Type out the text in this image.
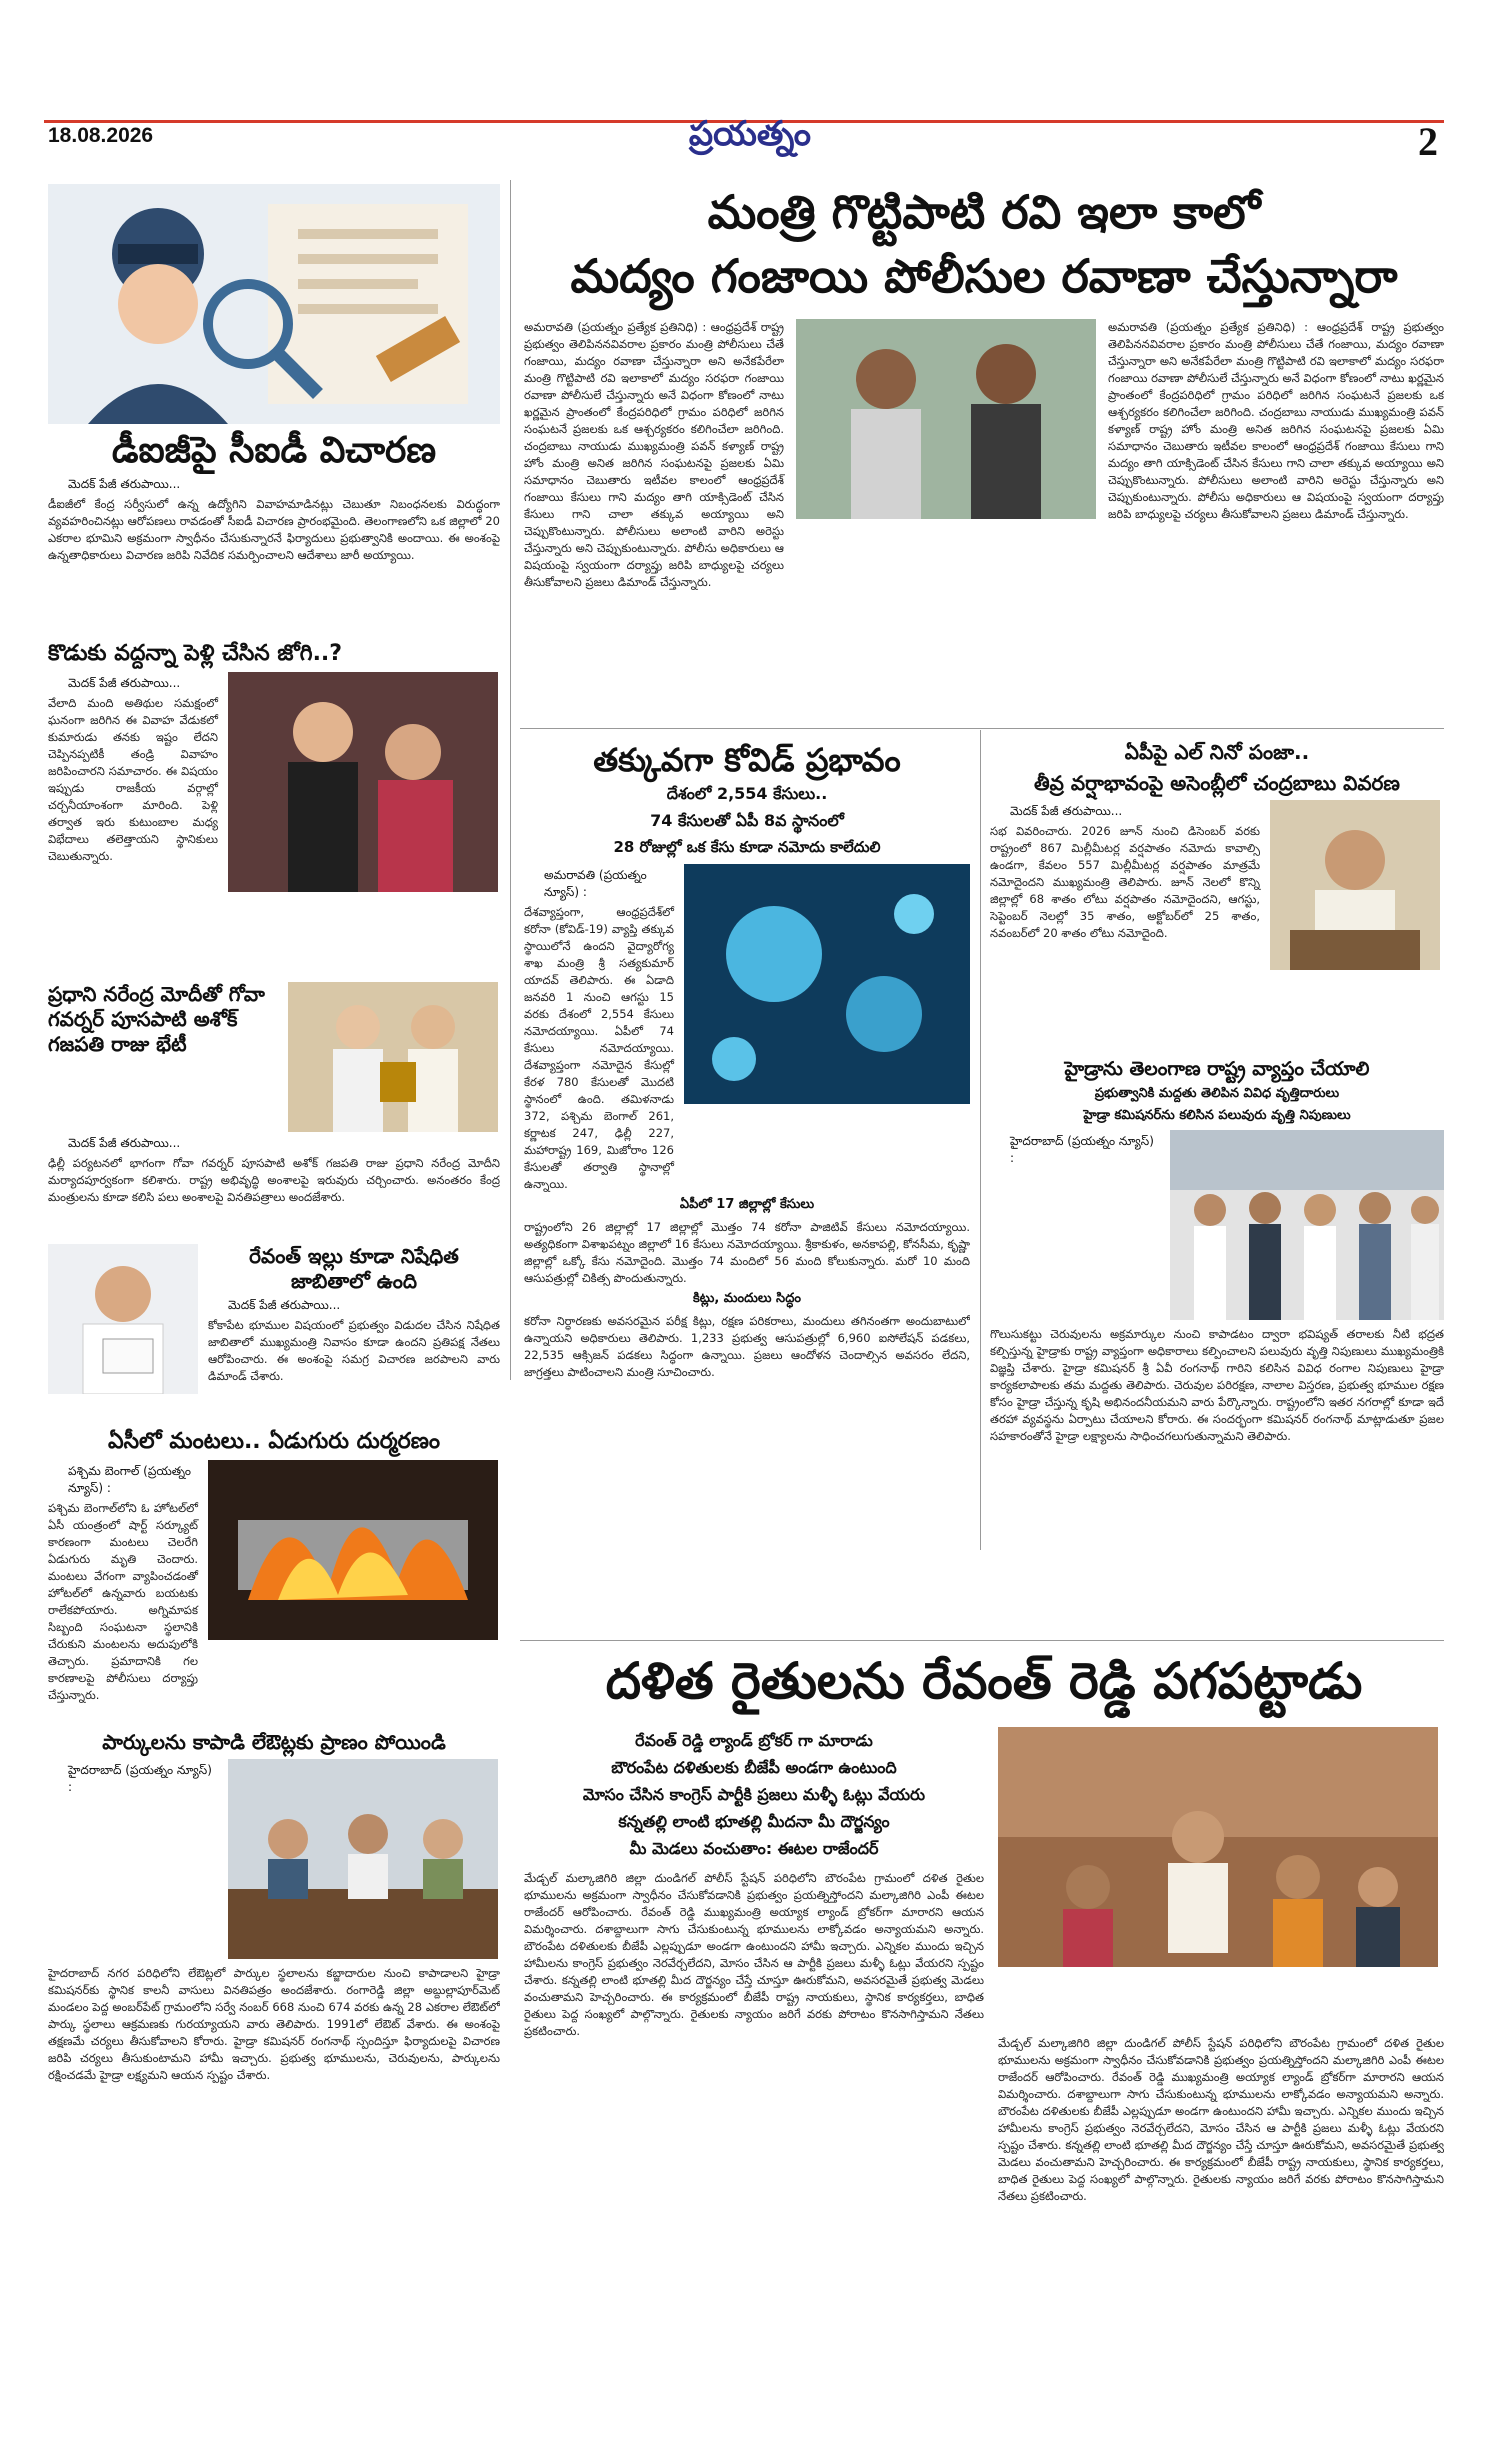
18.08.2026	ప్రయత్నం	2
డీఐజీపై సీఐడీ విచారణ
మెదక్ పేజీ తరుపాయి...
డీఐజీలో కేంద్ర సర్వీసులో ఉన్న ఉద్యోగిని వివాహమాడినట్లు చెబుతూ నిబంధనలకు విరుద్ధంగా వ్యవహరించినట్లు ఆరోపణలు రావడంతో సీఐడీ విచారణ ప్రారంభమైంది. తెలంగాణలోని ఒక జిల్లాలో 20 ఎకరాల భూమిని అక్రమంగా స్వాధీనం చేసుకున్నారనే ఫిర్యాదులు ప్రభుత్వానికి అందాయి. ఈ అంశంపై ఉన్నతాధికారులు విచారణ జరిపి నివేదిక సమర్పించాలని ఆదేశాలు జారీ అయ్యాయి.
కొడుకు వద్దన్నా పెళ్లి చేసిన జోగి..?
మెదక్ పేజీ తరుపాయి...
వేలాది మంది అతిథుల సమక్షంలో ఘనంగా జరిగిన ఈ వివాహ వేడుకలో కుమారుడు తనకు ఇష్టం లేదని చెప్పినప్పటికీ తండ్రి వివాహం జరిపించారని సమాచారం. ఈ విషయం ఇప్పుడు రాజకీయ వర్గాల్లో చర్చనీయాంశంగా మారింది. పెళ్లి తర్వాత ఇరు కుటుంబాల మధ్య విభేదాలు తలెత్తాయని స్థానికులు చెబుతున్నారు.
ప్రధాని నరేంద్ర మోదీతో గోవా గవర్నర్ పూసపాటి అశోక్ గజపతి రాజు భేటీ
మెదక్ పేజీ తరుపాయి...
ఢిల్లీ పర్యటనలో భాగంగా గోవా గవర్నర్ పూసపాటి అశోక్ గజపతి రాజు ప్రధాని నరేంద్ర మోదీని మర్యాదపూర్వకంగా కలిశారు. రాష్ట్ర అభివృద్ధి అంశాలపై ఇరువురు చర్చించారు. అనంతరం కేంద్ర మంత్రులను కూడా కలిసి పలు అంశాలపై వినతిపత్రాలు అందజేశారు.
రేవంత్ ఇల్లు కూడా నిషేధిత జాబితాలో ఉంది
మెదక్ పేజీ తరుపాయి...
కోకాపేట భూముల విషయంలో ప్రభుత్వం విడుదల చేసిన నిషేధిత జాబితాలో ముఖ్యమంత్రి నివాసం కూడా ఉందని ప్రతిపక్ష నేతలు ఆరోపించారు. ఈ అంశంపై సమగ్ర విచారణ జరపాలని వారు డిమాండ్ చేశారు.
ఏసీలో మంటలు.. ఏడుగురు దుర్మరణం
పశ్చిమ బెంగాల్ (ప్రయత్నం న్యూస్) :
పశ్చిమ బెంగాల్‌లోని ఓ హోటల్‌లో ఏసీ యంత్రంలో షార్ట్ సర్క్యూట్ కారణంగా మంటలు చెలరేగి ఏడుగురు మృతి చెందారు. మంటలు వేగంగా వ్యాపించడంతో హోటల్‌లో ఉన్నవారు బయటకు రాలేకపోయారు. అగ్నిమాపక సిబ్బంది సంఘటనా స్థలానికి చేరుకుని మంటలను అదుపులోకి తెచ్చారు. ప్రమాదానికి గల కారణాలపై పోలీసులు దర్యాప్తు చేస్తున్నారు.
పార్కులను కాపాడి లేఔట్లకు ప్రాణం పోయిండి
హైదరాబాద్ (ప్రయత్నం న్యూస్) :
హైదరాబాద్ నగర పరిధిలోని లేఔట్లలో పార్కుల స్థలాలను కబ్జాదారుల నుంచి కాపాడాలని హైడ్రా కమిషనర్‌కు స్థానిక కాలనీ వాసులు వినతిపత్రం అందజేశారు. రంగారెడ్డి జిల్లా అబ్దుల్లాపూర్‌మెట్ మండలం పెద్ద అంబర్‌పేట్ గ్రామంలోని సర్వే నంబర్ 668 నుంచి 674 వరకు ఉన్న 28 ఎకరాల లేఔట్‌లో పార్కు స్థలాలు ఆక్రమణకు గురయ్యాయని వారు తెలిపారు. 1991లో లేఔట్ వేశారు. ఈ అంశంపై తక్షణమే చర్యలు తీసుకోవాలని కోరారు. హైడ్రా కమిషనర్ రంగనాథ్ స్పందిస్తూ ఫిర్యాదులపై విచారణ జరిపి చర్యలు తీసుకుంటామని హామీ ఇచ్చారు. ప్రభుత్వ భూములను, చెరువులను, పార్కులను రక్షించడమే హైడ్రా లక్ష్యమని ఆయన స్పష్టం చేశారు.
మంత్రి గొట్టిపాటి రవి ఇలా కాలో
మద్యం గంజాయి పోలీసుల రవాణా చేస్తున్నారా
అమరావతి (ప్రయత్నం ప్రత్యేక ప్రతినిధి) : ఆంధ్రప్రదేశ్ రాష్ట్ర ప్రభుత్వం తెలిపిననవివరాల ప్రకారం మంత్రి పోలీసులు చేతే గంజాయి, మద్యం రవాణా చేస్తున్నారా అని అనేకపేరేలా మంత్రి గొట్టిపాటి రవి ఇలాకాలో మద్యం సరఫరా గంజాయి రవాణా పోలీసులే చేస్తున్నారు అనే విధంగా కోణంలో నాటు ఖర్ణమైన ప్రాంతంలో కేంద్రపరిధిలో గ్రామం పరిధిలో జరిగిన సంఘటనే ప్రజలకు ఒక ఆశ్చర్యకరం కలిగించేలా జరిగింది. చంద్రబాబు నాయుడు ముఖ్యమంత్రి పవన్ కళ్యాణ్ రాష్ట్ర హోం మంత్రి అనిత జరిగిన సంఘటనపై ప్రజలకు ఏమి సమాధానం చెబుతారు ఇటీవల కాలంలో ఆంధ్రప్రదేశ్ గంజాయి కేసులు గాని మద్యం తాగి యాక్సిడెంట్ చేసిన కేసులు గాని చాలా తక్కువ అయ్యాయి అని చెప్పుకొంటున్నారు. పోలీసులు అలాంటి వారిని అరెస్టు చేస్తున్నారు అని చెప్పుకుంటున్నారు. పోలీసు అధికారులు ఆ విషయంపై స్వయంగా దర్యాప్తు జరిపి బాధ్యులపై చర్యలు తీసుకోవాలని ప్రజలు డిమాండ్ చేస్తున్నారు.
అమరావతి (ప్రయత్నం ప్రత్యేక ప్రతినిధి) : ఆంధ్రప్రదేశ్ రాష్ట్ర ప్రభుత్వం తెలిపిననవివరాల ప్రకారం మంత్రి పోలీసులు చేతే గంజాయి, మద్యం రవాణా చేస్తున్నారా అని అనేకపేరేలా మంత్రి గొట్టిపాటి రవి ఇలాకాలో మద్యం సరఫరా గంజాయి రవాణా పోలీసులే చేస్తున్నారు అనే విధంగా కోణంలో నాటు ఖర్ణమైన ప్రాంతంలో కేంద్రపరిధిలో గ్రామం పరిధిలో జరిగిన సంఘటనే ప్రజలకు ఒక ఆశ్చర్యకరం కలిగించేలా జరిగింది. చంద్రబాబు నాయుడు ముఖ్యమంత్రి పవన్ కళ్యాణ్ రాష్ట్ర హోం మంత్రి అనిత జరిగిన సంఘటనపై ప్రజలకు ఏమి సమాధానం చెబుతారు ఇటీవల కాలంలో ఆంధ్రప్రదేశ్ గంజాయి కేసులు గాని మద్యం తాగి యాక్సిడెంట్ చేసిన కేసులు గాని చాలా తక్కువ అయ్యాయి అని చెప్పుకొంటున్నారు. పోలీసులు అలాంటి వారిని అరెస్టు చేస్తున్నారు అని చెప్పుకుంటున్నారు. పోలీసు అధికారులు ఆ విషయంపై స్వయంగా దర్యాప్తు జరిపి బాధ్యులపై చర్యలు తీసుకోవాలని ప్రజలు డిమాండ్ చేస్తున్నారు.
తక్కువగా కోవిడ్ ప్రభావం
దేశంలో 2,554 కేసులు..
74 కేసులతో ఏపీ 8వ స్థానంలో
28 రోజుల్లో ఒక కేసు కూడా నమోదు కాలేదులి
అమరావతి (ప్రయత్నం న్యూస్) :
దేశవ్యాప్తంగా, ఆంధ్రప్రదేశ్‌లో కరోనా (కోవిడ్-19) వ్యాప్తి తక్కువ స్థాయిలోనే ఉందని వైద్యారోగ్య శాఖ మంత్రి శ్రీ సత్యకుమార్ యాదవ్ తెలిపారు. ఈ ఏడాది జనవరి 1 నుంచి ఆగస్టు 15 వరకు దేశంలో 2,554 కేసులు నమోదయ్యాయి. ఏపీలో 74 కేసులు నమోదయ్యాయి. దేశవ్యాప్తంగా నమోదైన కేసుల్లో కేరళ 780 కేసులతో మొదటి స్థానంలో ఉంది. తమిళనాడు 372, పశ్చిమ బెంగాల్ 261, కర్ణాటక 247, ఢిల్లీ 227, మహారాష్ట్ర 169, మిజోరాం 126 కేసులతో తర్వాతి స్థానాల్లో ఉన్నాయి.
ఏపీలో 17 జిల్లాల్లో కేసులు
రాష్ట్రంలోని 26 జిల్లాల్లో 17 జిల్లాల్లో మొత్తం 74 కరోనా పాజిటివ్ కేసులు నమోదయ్యాయి. అత్యధికంగా విశాఖపట్నం జిల్లాలో 16 కేసులు నమోదయ్యాయి. శ్రీకాకుళం, అనకాపల్లి, కోనసీమ, కృష్ణా జిల్లాల్లో ఒక్కో కేసు నమోదైంది. మొత్తం 74 మందిలో 56 మంది కోలుకున్నారు. మరో 10 మంది ఆసుపత్రుల్లో చికిత్స పొందుతున్నారు.
కిట్లు, మందులు సిద్ధం
కరోనా నిర్ధారణకు అవసరమైన పరీక్ష కిట్లు, రక్షణ పరికరాలు, మందులు తగినంతగా అందుబాటులో ఉన్నాయని అధికారులు తెలిపారు. 1,233 ప్రభుత్వ ఆసుపత్రుల్లో 6,960 ఐసోలేషన్ పడకలు, 22,535 ఆక్సిజన్ పడకలు సిద్ధంగా ఉన్నాయి. ప్రజలు ఆందోళన చెందాల్సిన అవసరం లేదని, జాగ్రత్తలు పాటించాలని మంత్రి సూచించారు.
ఏపీపై ఎల్ నినో పంజా..
తీవ్ర వర్షాభావంపై అసెంబ్లీలో చంద్రబాబు వివరణ
మెదక్ పేజీ తరుపాయి...
సభ వివరించారు. 2026 జూన్ నుంచి డిసెంబర్ వరకు రాష్ట్రంలో 867 మిల్లీమీటర్ల వర్షపాతం నమోదు కావాల్సి ఉండగా, కేవలం 557 మిల్లీమీటర్ల వర్షపాతం మాత్రమే నమోదైందని ముఖ్యమంత్రి తెలిపారు. జూన్ నెలలో కొన్ని జిల్లాల్లో 68 శాతం లోటు వర్షపాతం నమోదైందని, ఆగస్టు, సెప్టెంబర్ నెలల్లో 35 శాతం, అక్టోబర్‌లో 25 శాతం, నవంబర్‌లో 20 శాతం లోటు నమోదైంది.
హైడ్రాను తెలంగాణ రాష్ట్ర వ్యాప్తం చేయాలి
ప్రభుత్వానికి మద్దతు తెలిపిన వివిధ వృత్తిదారులు
హైడ్రా కమిషనర్‌ను కలిసిన పలువురు వృత్తి నిపుణులు
హైదరాబాద్ (ప్రయత్నం న్యూస్) :
గొలుసుకట్టు చెరువులను అక్రమార్కుల నుంచి కాపాడటం ద్వారా భవిష్యత్ తరాలకు నీటి భద్రత కల్పిస్తున్న హైడ్రాకు రాష్ట్ర వ్యాప్తంగా అధికారాలు కల్పించాలని పలువురు వృత్తి నిపుణులు ముఖ్యమంత్రికి విజ్ఞప్తి చేశారు. హైడ్రా కమిషనర్ శ్రీ ఏవీ రంగనాథ్ గారిని కలిసిన వివిధ రంగాల నిపుణులు హైడ్రా కార్యకలాపాలకు తమ మద్దతు తెలిపారు. చెరువుల పరిరక్షణ, నాలాల విస్తరణ, ప్రభుత్వ భూముల రక్షణ కోసం హైడ్రా చేస్తున్న కృషి అభినందనీయమని వారు పేర్కొన్నారు. రాష్ట్రంలోని ఇతర నగరాల్లో కూడా ఇదే తరహా వ్యవస్థను ఏర్పాటు చేయాలని కోరారు. ఈ సందర్భంగా కమిషనర్ రంగనాథ్ మాట్లాడుతూ ప్రజల సహకారంతోనే హైడ్రా లక్ష్యాలను సాధించగలుగుతున్నామని తెలిపారు.
దళిత రైతులను రేవంత్ రెడ్డి పగపట్టాడు
రేవంత్ రెడ్డి ల్యాండ్ బ్రోకర్ గా మారాడు
బౌరంపేట దళితులకు బీజేపీ అండగా ఉంటుంది
మోసం చేసిన కాంగ్రెస్ పార్టీకి ప్రజలు మళ్ళీ ఓట్లు వేయరు
కన్నతల్లి లాంటి భూతల్లి మీదనా మీ దౌర్జన్యం
మీ మెడలు వంచుతాం: ఈటల రాజేందర్
మేడ్చల్ మల్కాజిగిరి జిల్లా దుండిగల్ పోలీస్ స్టేషన్ పరిధిలోని బౌరంపేట గ్రామంలో దళిత రైతుల భూములను అక్రమంగా స్వాధీనం చేసుకోవడానికి ప్రభుత్వం ప్రయత్నిస్తోందని మల్కాజిగిరి ఎంపీ ఈటల రాజేందర్ ఆరోపించారు. రేవంత్ రెడ్డి ముఖ్యమంత్రి అయ్యాక ల్యాండ్ బ్రోకర్‌గా మారారని ఆయన విమర్శించారు. దశాబ్దాలుగా సాగు చేసుకుంటున్న భూములను లాక్కోవడం అన్యాయమని అన్నారు. బౌరంపేట దళితులకు బీజేపీ ఎల్లప్పుడూ అండగా ఉంటుందని హామీ ఇచ్చారు. ఎన్నికల ముందు ఇచ్చిన హామీలను కాంగ్రెస్ ప్రభుత్వం నెరవేర్చలేదని, మోసం చేసిన ఆ పార్టీకి ప్రజలు మళ్ళీ ఓట్లు వేయరని స్పష్టం చేశారు. కన్నతల్లి లాంటి భూతల్లి మీద దౌర్జన్యం చేస్తే చూస్తూ ఊరుకోమని, అవసరమైతే ప్రభుత్వ మెడలు వంచుతామని హెచ్చరించారు. ఈ కార్యక్రమంలో బీజేపీ రాష్ట్ర నాయకులు, స్థానిక కార్యకర్తలు, బాధిత రైతులు పెద్ద సంఖ్యలో పాల్గొన్నారు. రైతులకు న్యాయం జరిగే వరకు పోరాటం కొనసాగిస్తామని నేతలు ప్రకటించారు.
మేడ్చల్ మల్కాజిగిరి జిల్లా దుండిగల్ పోలీస్ స్టేషన్ పరిధిలోని బౌరంపేట గ్రామంలో దళిత రైతుల భూములను అక్రమంగా స్వాధీనం చేసుకోవడానికి ప్రభుత్వం ప్రయత్నిస్తోందని మల్కాజిగిరి ఎంపీ ఈటల రాజేందర్ ఆరోపించారు. రేవంత్ రెడ్డి ముఖ్యమంత్రి అయ్యాక ల్యాండ్ బ్రోకర్‌గా మారారని ఆయన విమర్శించారు. దశాబ్దాలుగా సాగు చేసుకుంటున్న భూములను లాక్కోవడం అన్యాయమని అన్నారు. బౌరంపేట దళితులకు బీజేపీ ఎల్లప్పుడూ అండగా ఉంటుందని హామీ ఇచ్చారు. ఎన్నికల ముందు ఇచ్చిన హామీలను కాంగ్రెస్ ప్రభుత్వం నెరవేర్చలేదని, మోసం చేసిన ఆ పార్టీకి ప్రజలు మళ్ళీ ఓట్లు వేయరని స్పష్టం చేశారు. కన్నతల్లి లాంటి భూతల్లి మీద దౌర్జన్యం చేస్తే చూస్తూ ఊరుకోమని, అవసరమైతే ప్రభుత్వ మెడలు వంచుతామని హెచ్చరించారు. ఈ కార్యక్రమంలో బీజేపీ రాష్ట్ర నాయకులు, స్థానిక కార్యకర్తలు, బాధిత రైతులు పెద్ద సంఖ్యలో పాల్గొన్నారు. రైతులకు న్యాయం జరిగే వరకు పోరాటం కొనసాగిస్తామని నేతలు ప్రకటించారు.
